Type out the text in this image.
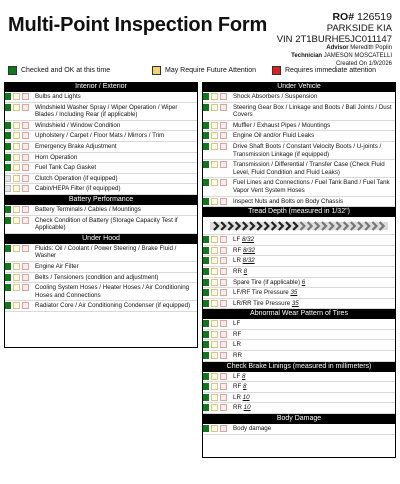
Multi-Point Inspection Form	RO# 126519
PARKSIDE KIA
VIN 2T1BURHE5JC011147
Advisor Meredith Poplin
Technician JAMESON MOSCATELLI
Created On 1/9/2026
Checked and OK at this time	May Require Future Attention	Requires immediate attention
Interior / Exterior
Bulbs and Lights
Windshield Washer Spray / Wiper Operation / Wiper Blades / Including Rear (if applicable)
Windshield / Window Condition
Upholstery / Carpet / Floor Mats / Mirrors / Trim
Emergency Brake Adjustment
Horn Operation
Fuel Tank Cap Gasket
Clutch Operation (if equipped)
Cabin/HEPA Filter (if equipped)
Battery Performance
Battery Terminals / Cables / Mountings
Check Condition of Battery (Storage Capacity Test if Applicable)
Under Hood
Fluids: Oil / Coolant / Power Steering / Brake Fluid / Washer
Engine Air Filter
Belts / Tensioners (condition and adjustment)
Cooling System Hoses / Heater Hoses / Air Conditioning Hoses and Connections
Radiator Core / Air Conditioning Condenser (if equipped)
Under Vehicle
Shock Absorbers / Suspension
Steering Gear Box / Linkage and Boots / Ball Joints / Dust Covers
Muffler / Exhaust Pipes / Mountings
Engine Oil and/or Fluid Leaks
Drive Shaft Boots / Constant Velocity Boots / U-joints / Transmission Linkage (if equipped)
Transmission / Differential / Transfer Case (Check Fluid Level, Fluid Condition and Fluid Leaks)
Fuel Lines and Connections / Fuel Tank Band / Fuel Tank Vapor Vent System Hoses
Inspect Nuts and Bolts on Body Chassis
Tread Depth (measured in 1/32")
LF 8/32
RF 8/32
LR 8/32
RR 8
Spare Tire (if applicable) 6
LF/RF Tire Pressure 35
LR/RR Tire Pressure 35
Abnormal Wear Pattern of Tires
LF
RF
LR
RR
Check Brake Linings (measured in millimeters)
LF 8
RF 8
LR 10
RR 10
Body Damage
Body damage
